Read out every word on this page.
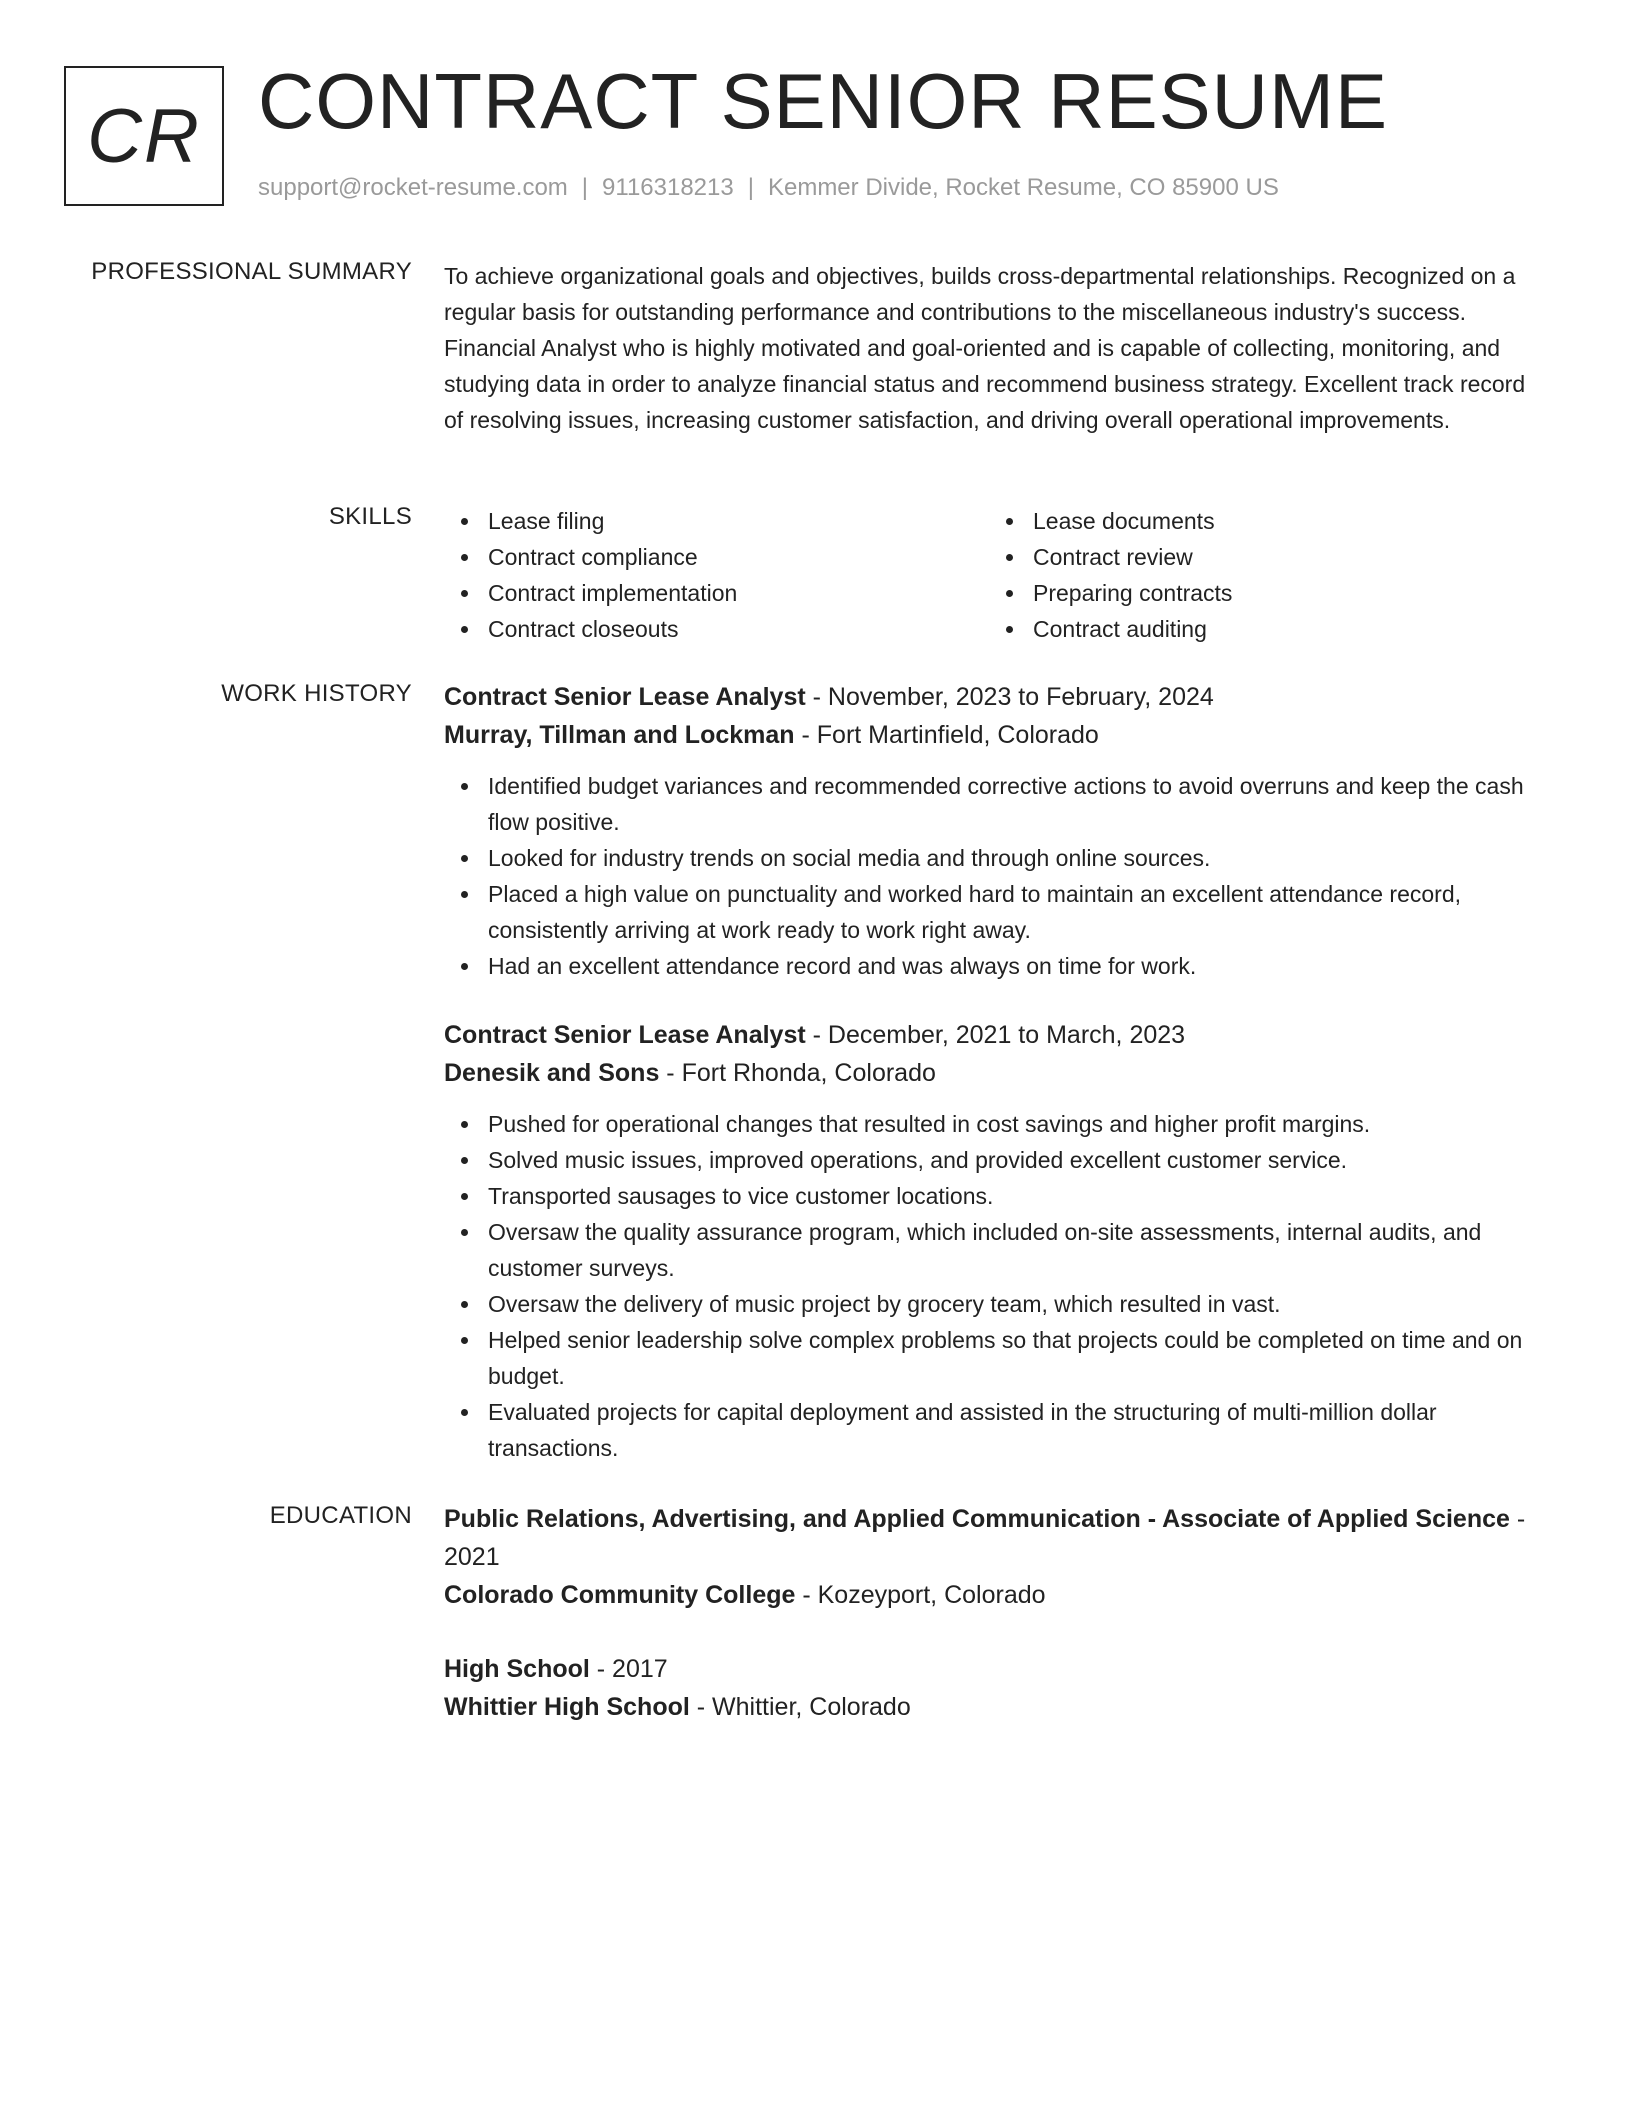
CR CONTRACT SENIOR RESUME
support@rocket-resume.com | 9116318213 | Kemmer Divide, Rocket Resume, CO 85900 US
PROFESSIONAL SUMMARY To achieve organizational goals and objectives, builds cross-departmental relationships. Recognized on a regular basis for outstanding performance and contributions to the miscellaneous industry's success. Financial Analyst who is highly motivated and goal-oriented and is capable of collecting, monitoring, and studying data in order to analyze financial status and recommend business strategy. Excellent track record of resolving issues, increasing customer satisfaction, and driving overall operational improvements.

SKILLS	Lease filing
Contract compliance
Contract implementation
Contract closeouts
Lease documents
Contract review
Preparing contracts
Contract auditing
WORK HISTORY Contract Senior Lease Analyst - November, 2023 to February, 2024
Murray, Tillman and Lockman - Fort Martinfield, Colorado
Identified budget variances and recommended corrective actions to avoid overruns and keep the cash flow positive.
Looked for industry trends on social media and through online sources.
Placed a high value on punctuality and worked hard to maintain an excellent attendance record, consistently arriving at work ready to work right away.
Had an excellent attendance record and was always on time for work.
Contract Senior Lease Analyst - December, 2021 to March, 2023
Denesik and Sons - Fort Rhonda, Colorado
Pushed for operational changes that resulted in cost savings and higher profit margins.
Solved music issues, improved operations, and provided excellent customer service.
Transported sausages to vice customer locations.
Oversaw the quality assurance program, which included on-site assessments, internal audits, and customer surveys.
Oversaw the delivery of music project by grocery team, which resulted in vast.
Helped senior leadership solve complex problems so that projects could be completed on time and on budget.
Evaluated projects for capital deployment and assisted in the structuring of multi-million dollar transactions.
EDUCATION Public Relations, Advertising, and Applied Communication - Associate of Applied Science - 2021
Colorado Community College - Kozeyport, Colorado
High School - 2017
Whittier High School - Whittier, Colorado
